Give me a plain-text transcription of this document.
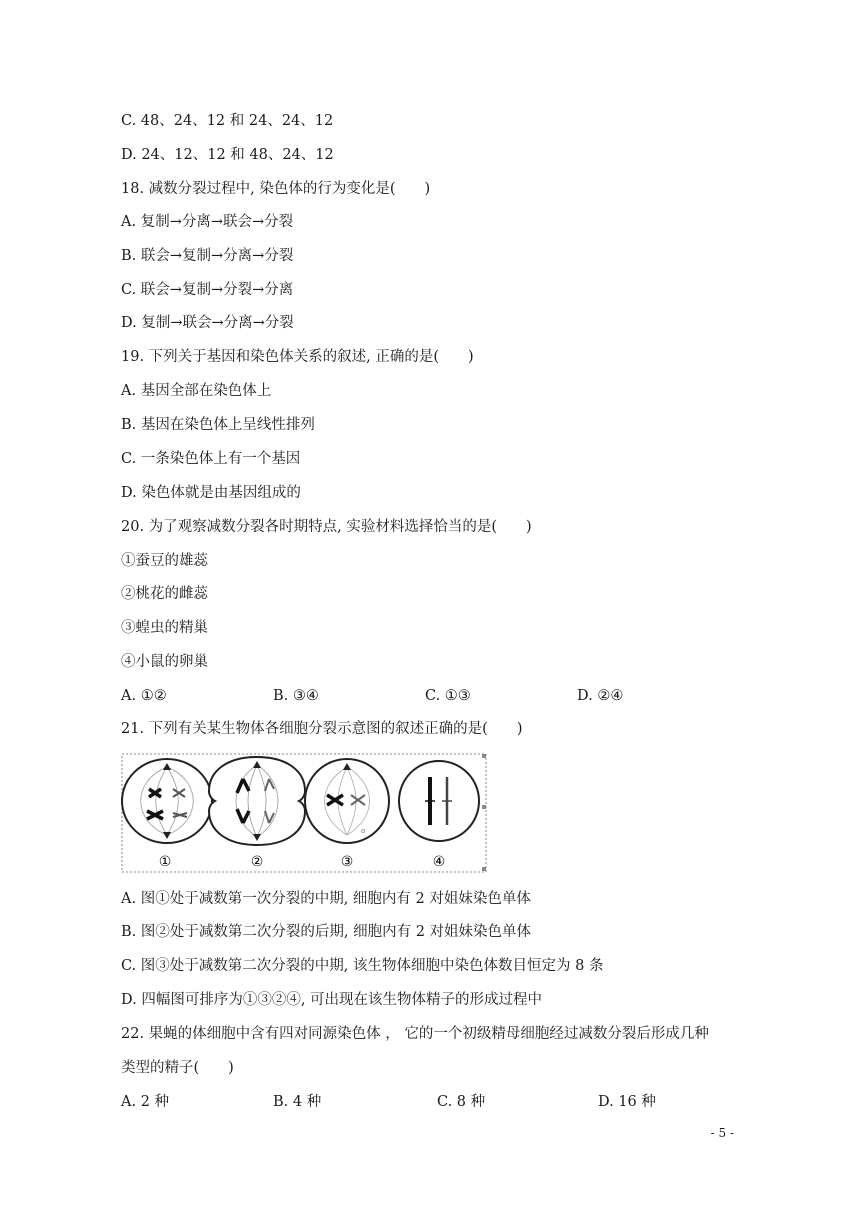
C. 48、24、12 和 24、24、12
D. 24、12、12 和 48、24、12
18. 减数分裂过程中, 染色体的行为变化是(　　)
A. 复制→分离→联会→分裂
B. 联会→复制→分离→分裂
C. 联会→复制→分裂→分离
D. 复制→联会→分离→分裂
19. 下列关于基因和染色体关系的叙述, 正确的是(　　)
A. 基因全部在染色体上
B. 基因在染色体上呈线性排列
C. 一条染色体上有一个基因
D. 染色体就是由基因组成的
20. 为了观察减数分裂各时期特点, 实验材料选择恰当的是(　　)
①蚕豆的雄蕊
②桃花的雌蕊
③蝗虫的精巢
④小鼠的卵巢
A. ①②	B. ③④	C. ①③	D. ②④
21. 下列有关某生物体各细胞分裂示意图的叙述正确的是(　　)
o
①	②	③	④
A. 图①处于减数第一次分裂的中期, 细胞内有 2 对姐妹染色单体
B. 图②处于减数第二次分裂的后期, 细胞内有 2 对姐妹染色单体
C. 图③处于减数第二次分裂的中期, 该生物体细胞中染色体数目恒定为 8 条
D. 四幅图可排序为①③②④, 可出现在该生物体精子的形成过程中
22. 果蝇的体细胞中含有四对同源染色体 ， 它的一个初级精母细胞经过减数分裂后形成几种
类型的精子(　　)
A. 2 种	B. 4 种	C. 8 种	D. 16 种
- 5 -
